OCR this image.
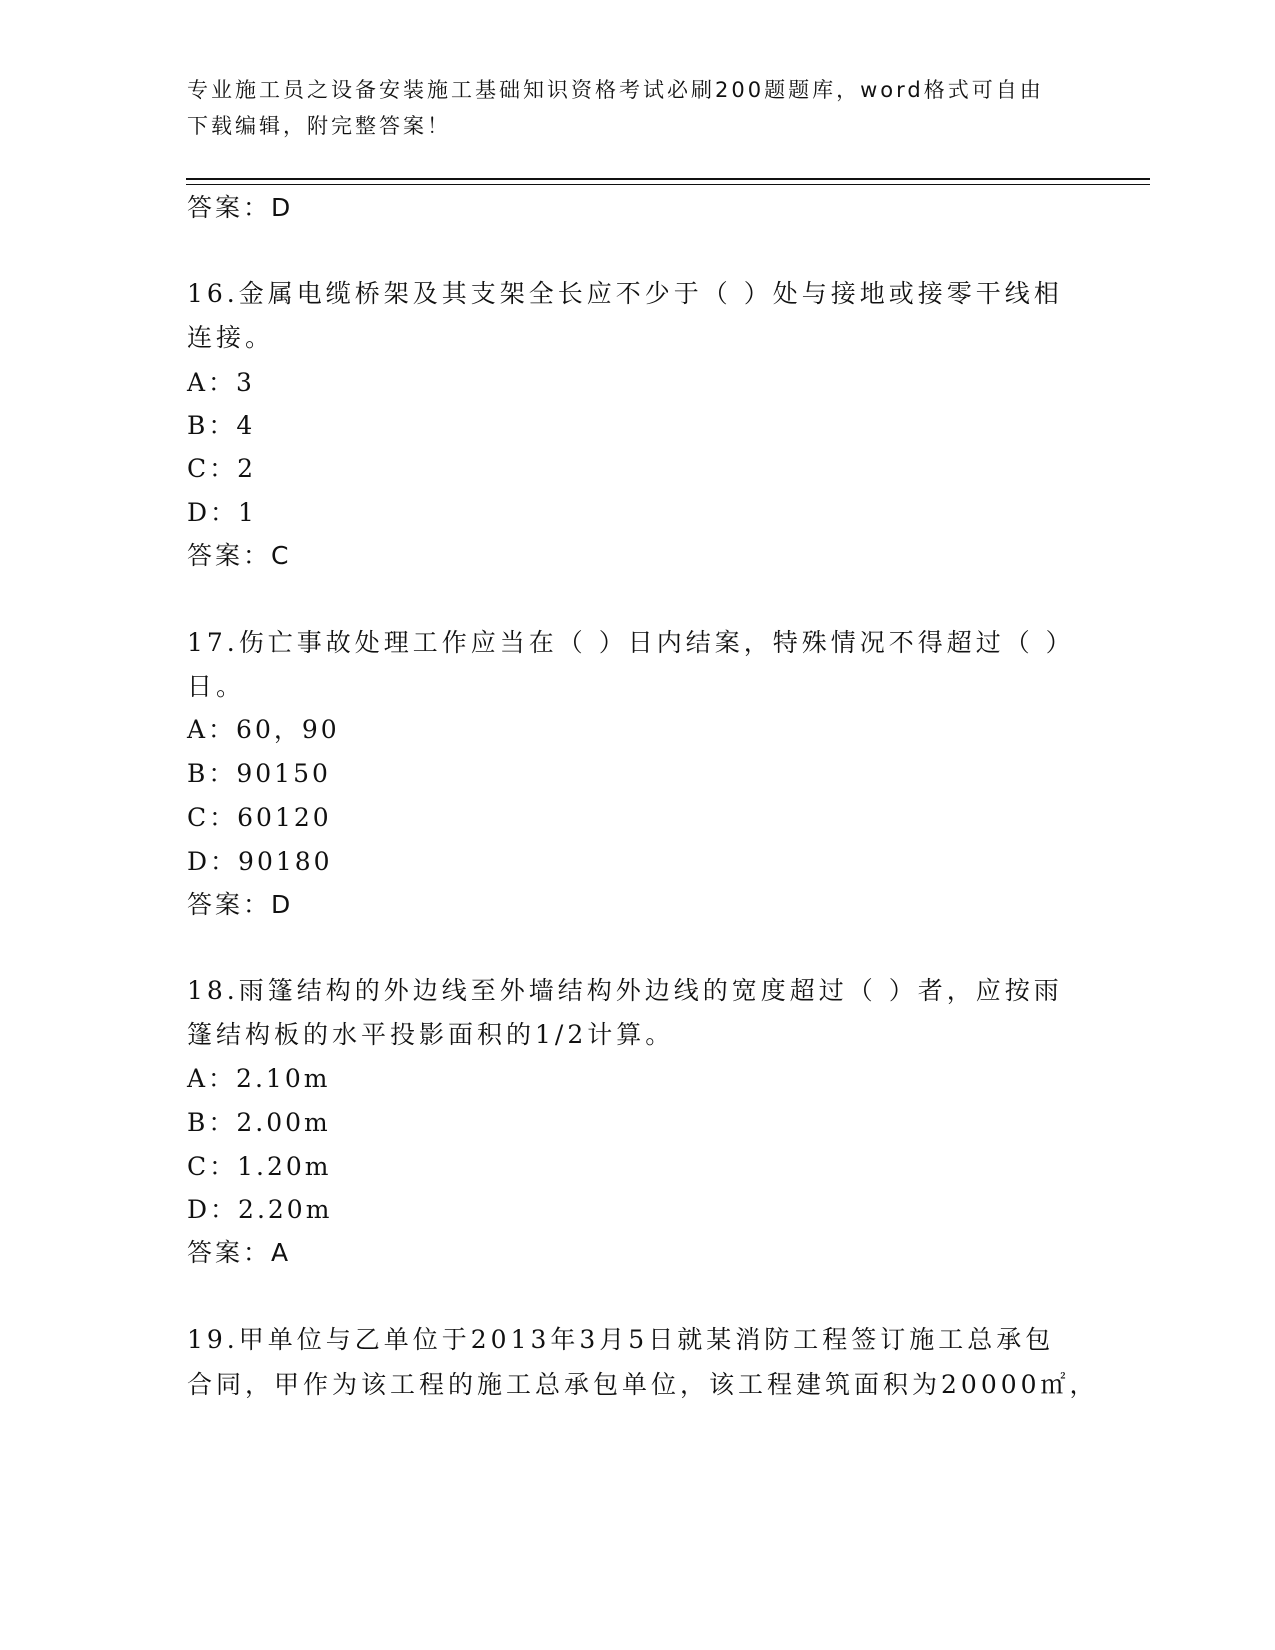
专业施工员之设备安装施工基础知识资格考试必刷200题题库，word格式可自由
下载编辑，附完整答案！
答案：D
16.金属电缆桥架及其支架全长应不少于（ ）处与接地或接零干线相
连接。
A：3
B：4
C：2
D：1
答案：C
17.伤亡事故处理工作应当在（ ）日内结案，特殊情况不得超过（ ）
日。
A：60，90
B：90150
C：60120
D：90180
答案：D
18.雨篷结构的外边线至外墙结构外边线的宽度超过（ ）者，应按雨
篷结构板的水平投影面积的1/2计算。
A：2.10m
B：2.00m
C：1.20m
D：2.20m
答案：A
19.甲单位与乙单位于2013年3月5日就某消防工程签订施工总承包
合同，甲作为该工程的施工总承包单位，该工程建筑面积为20000㎡，
